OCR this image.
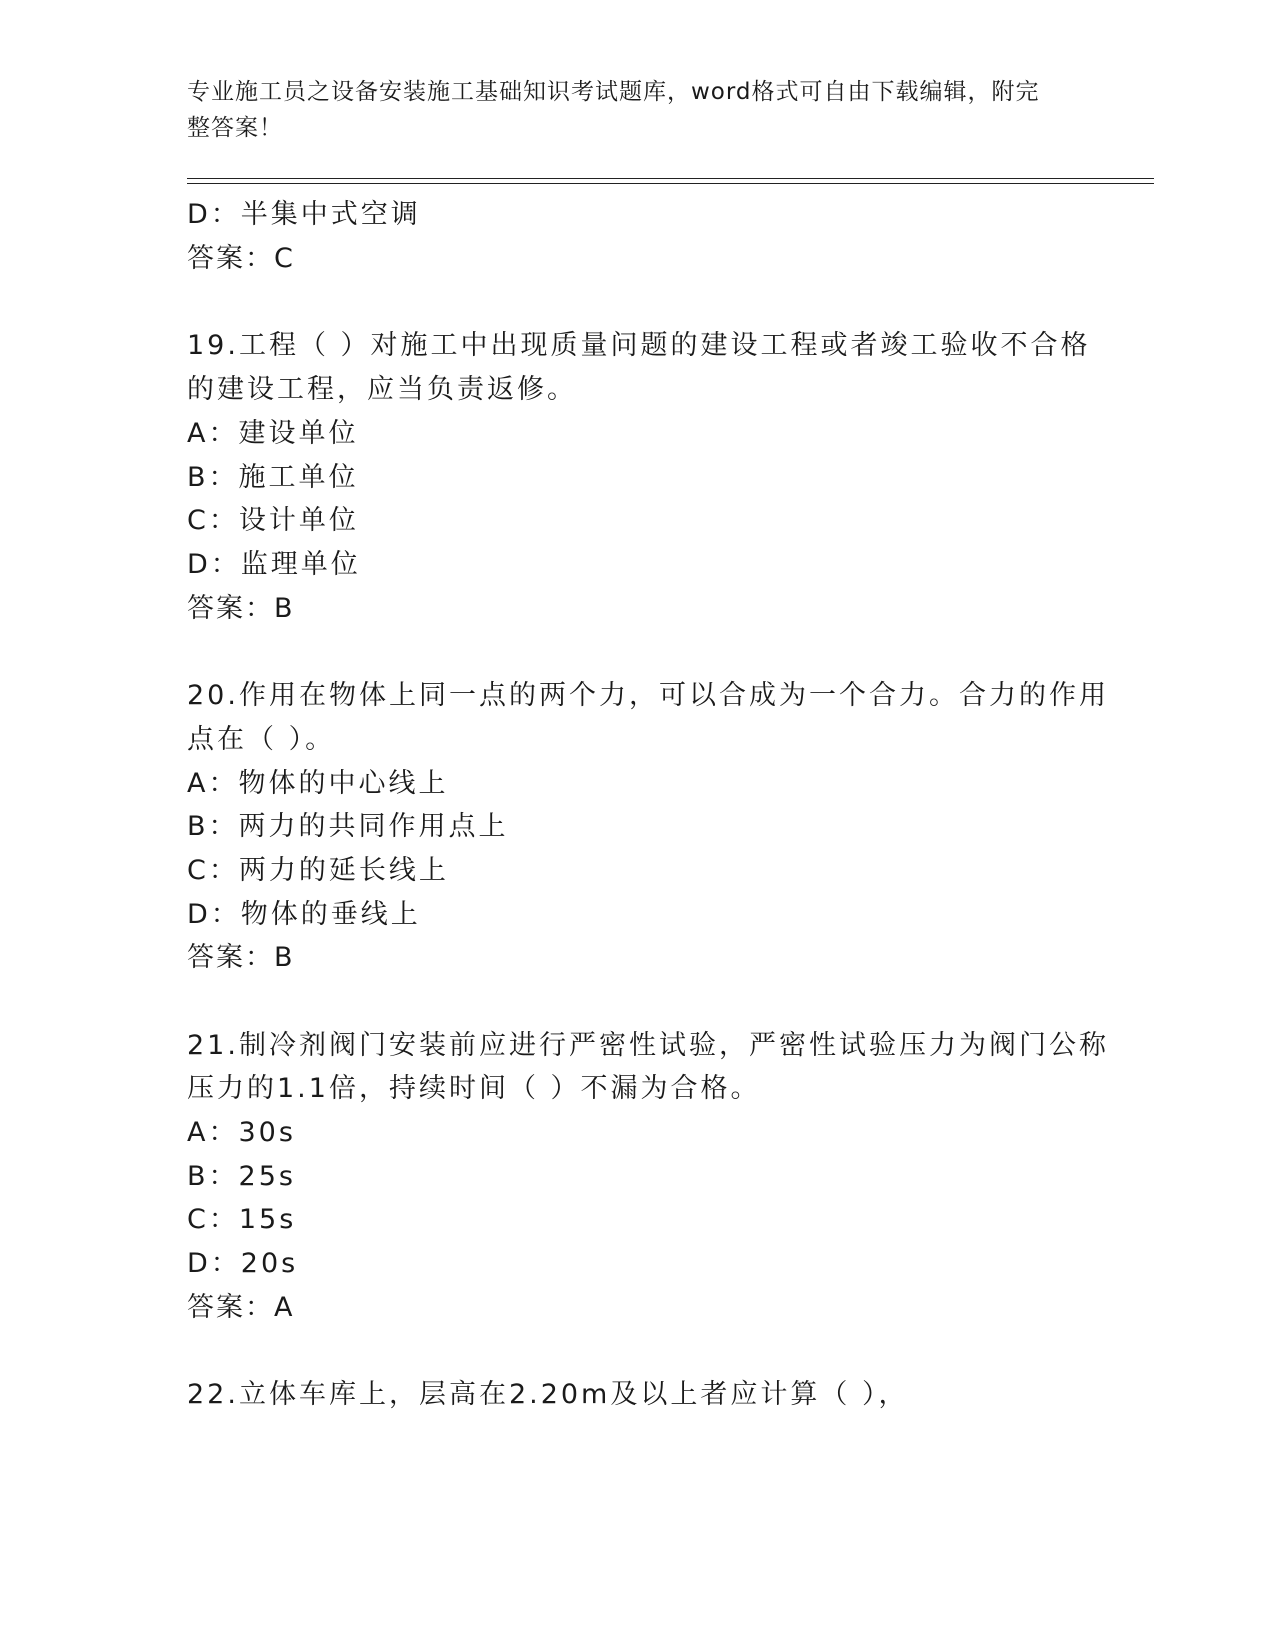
专业施工员之设备安装施工基础知识考试题库，word格式可自由下载编辑，附完
整答案！
D：半集中式空调
答案：C
19.工程（ ）对施工中出现质量问题的建设工程或者竣工验收不合格
的建设工程，应当负责返修。
A：建设单位
B：施工单位
C：设计单位
D：监理单位
答案：B
20.作用在物体上同一点的两个力，可以合成为一个合力。合力的作用
点在（ ）。
A：物体的中心线上
B：两力的共同作用点上
C：两力的延长线上
D：物体的垂线上
答案：B
21.制冷剂阀门安装前应进行严密性试验，严密性试验压力为阀门公称
压力的1.1倍，持续时间（ ）不漏为合格。
A：30s
B：25s
C：15s
D：20s
答案：A
22.立体车库上，层高在2.20m及以上者应计算（ ），
